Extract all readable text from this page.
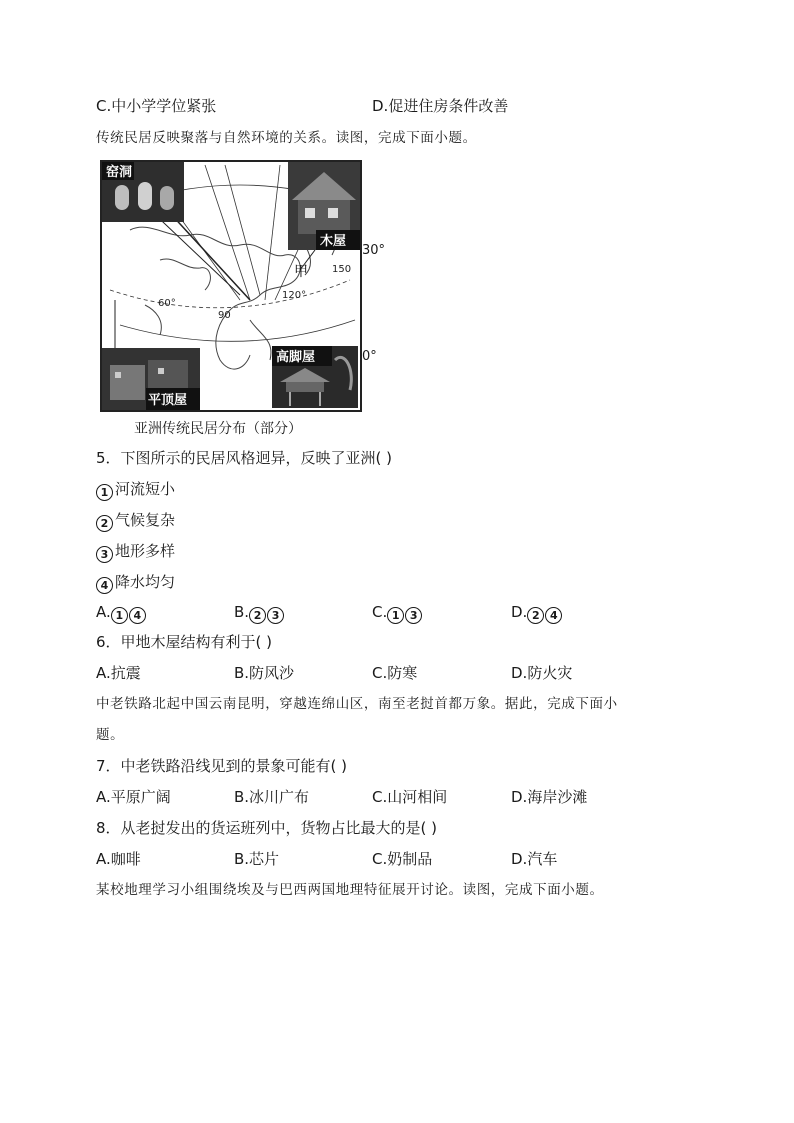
C.中小学学位紧张	D.促进住房条件改善
传统民居反映聚落与自然环境的关系。读图，完成下面小题。
窑洞
木屋
平顶屋
高脚屋
甲
60°
120°
90
150
30°
0°
亚洲传统民居分布（部分）
5．下图所示的民居风格迥异，反映了亚洲( )
1 河流短小
2 气候复杂
3 地形多样
4 降水均匀
A. 1 4	B. 2 3	C. 1 3	D. 2 4
6．甲地木屋结构有利于( )
A.抗震	B.防风沙	C.防寒	D.防火灾
中老铁路北起中国云南昆明，穿越连绵山区，南至老挝首都万象。据此，完成下面小
题。
7．中老铁路沿线见到的景象可能有( )
A.平原广阔	B.冰川广布	C.山河相间	D.海岸沙滩
8．从老挝发出的货运班列中，货物占比最大的是( )
A.咖啡	B.芯片	C.奶制品	D.汽车
某校地理学习小组围绕埃及与巴西两国地理特征展开讨论。读图，完成下面小题。
